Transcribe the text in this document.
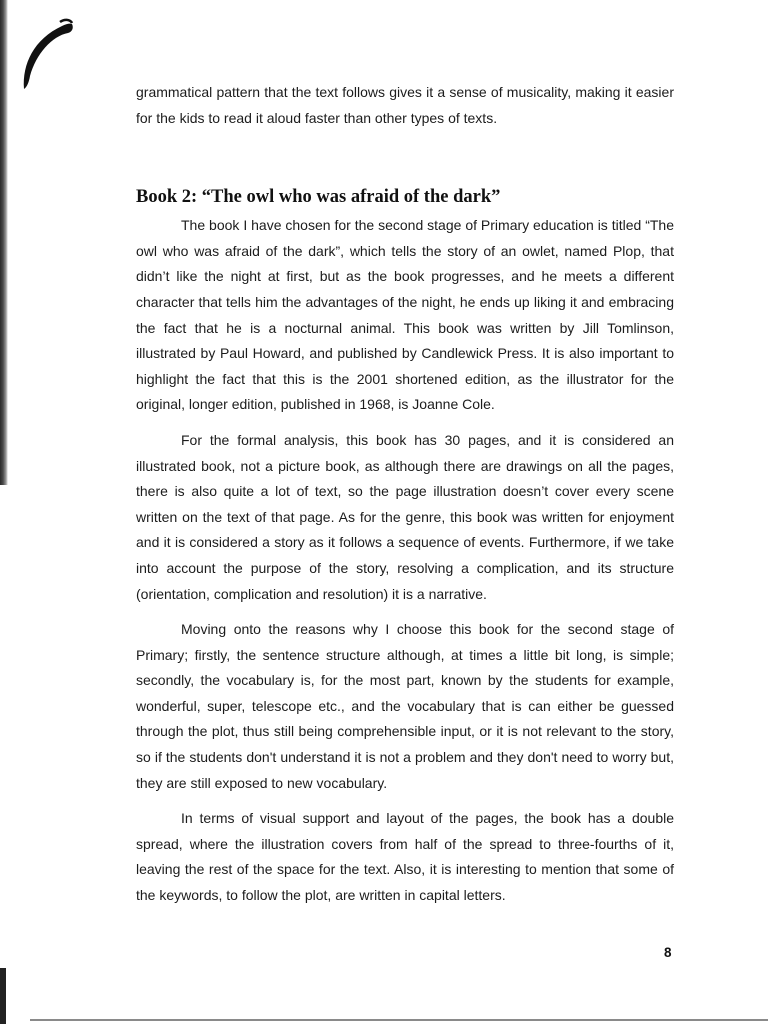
grammatical pattern that the text follows gives it a sense of musicality, making it easier for the kids to read it aloud faster than other types of texts.

Book 2: “The owl who was afraid of the dark”

The book I have chosen for the second stage of Primary education is titled “The owl who was afraid of the dark”, which tells the story of an owlet, named Plop, that didn’t like the night at first, but as the book progresses, and he meets a different character that tells him the advantages of the night, he ends up liking it and embracing the fact that he is a nocturnal animal. This book was written by Jill Tomlinson, illustrated by Paul Howard, and published by Candlewick Press. It is also important to highlight the fact that this is the 2001 shortened edition, as the illustrator for the original, longer edition, published in 1968, is Joanne Cole.

For the formal analysis, this book has 30 pages, and it is considered an illustrated book, not a picture book, as although there are drawings on all the pages, there is also quite a lot of text, so the page illustration doesn’t cover every scene written on the text of that page. As for the genre, this book was written for enjoyment and it is considered a story as it follows a sequence of events. Furthermore, if we take into account the purpose of the story, resolving a complication, and its structure (orientation, complication and resolution) it is a narrative.

Moving onto the reasons why I choose this book for the second stage of Primary; firstly, the sentence structure although, at times a little bit long, is simple; secondly, the vocabulary is, for the most part, known by the students for example, wonderful, super, telescope etc., and the vocabulary that is can either be guessed through the plot, thus still being comprehensible input, or it is not relevant to the story, so if the students don't understand it is not a problem and they don't need to worry but, they are still exposed to new vocabulary.

In terms of visual support and layout of the pages, the book has a double spread, where the illustration covers from half of the spread to three-fourths of it, leaving the rest of the space for the text. Also, it is interesting to mention that some of the keywords, to follow the plot, are written in capital letters.

8
